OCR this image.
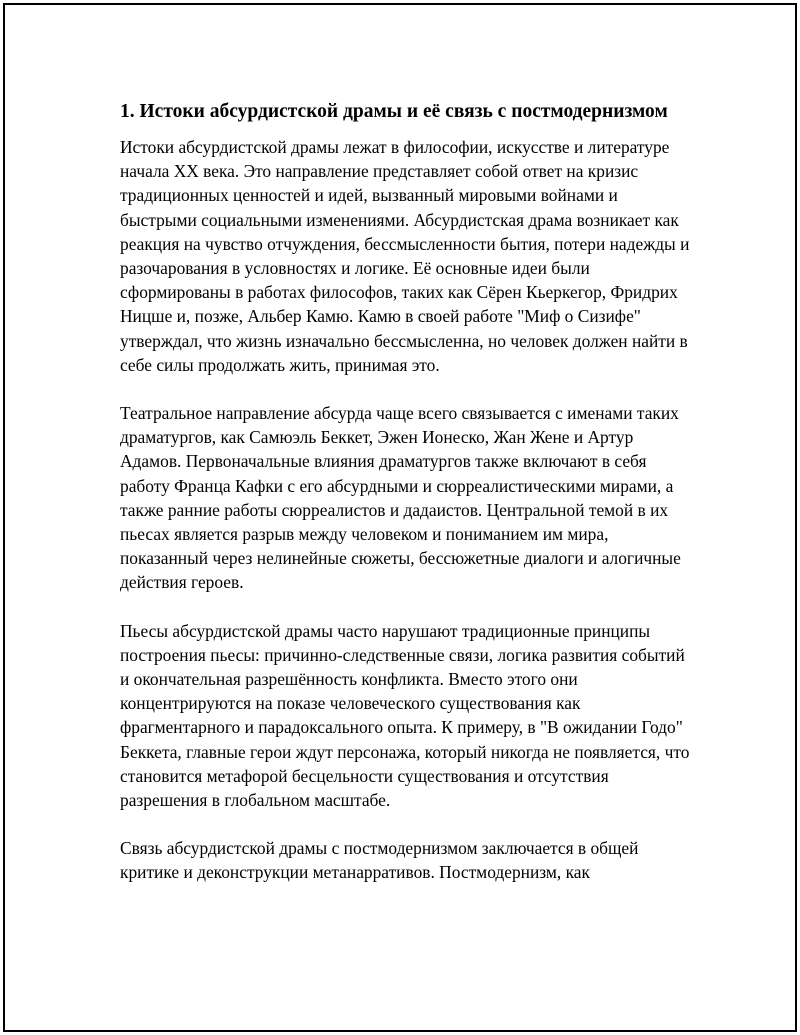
1. Истоки абсурдистской драмы и её связь с постмодернизмом

Истоки абсурдистской драмы лежат в философии, искусстве и литературе начала XX века. Это направление представляет собой ответ на кризис традиционных ценностей и идей, вызванный мировыми войнами и быстрыми социальными изменениями. Абсурдистская драма возникает как реакция на чувство отчуждения, бессмысленности бытия, потери надежды и разочарования в условностях и логике. Её основные идеи были сформированы в работах философов, таких как Сёрен Кьеркегор, Фридрих Ницше и, позже, Альбер Камю. Камю в своей работе "Миф о Сизифе" утверждал, что жизнь изначально бессмысленна, но человек должен найти в себе силы продолжать жить, принимая это.

Театральное направление абсурда чаще всего связывается с именами таких драматургов, как Самюэль Беккет, Эжен Ионеско, Жан Жене и Артур Адамов. Первоначальные влияния драматургов также включают в себя работу Франца Кафки с его абсурдными и сюрреалистическими мирами, а также ранние работы сюрреалистов и дадаистов. Центральной темой в их пьесах является разрыв между человеком и пониманием им мира, показанный через нелинейные сюжеты, бессюжетные диалоги и алогичные действия героев.

Пьесы абсурдистской драмы часто нарушают традиционные принципы построения пьесы: причинно-следственные связи, логика развития событий и окончательная разрешённость конфликта. Вместо этого они концентрируются на показе человеческого существования как фрагментарного и парадоксального опыта. К примеру, в "В ожидании Годо" Беккета, главные герои ждут персонажа, который никогда не появляется, что становится метафорой бесцельности существования и отсутствия разрешения в глобальном масштабе.

Связь абсурдистской драмы с постмодернизмом заключается в общей критике и деконструкции метанарративов. Постмодернизм, как
